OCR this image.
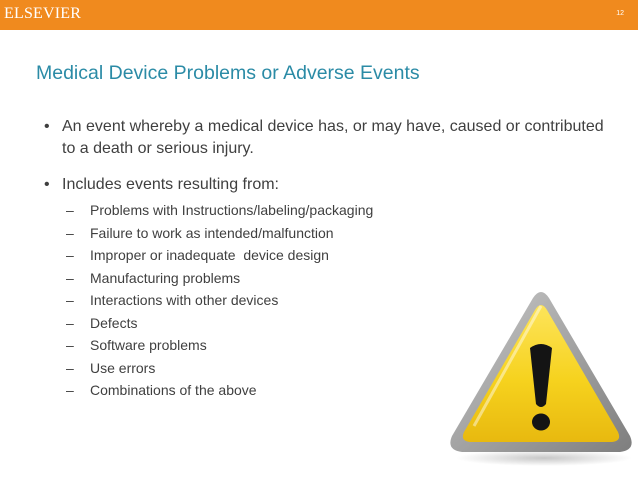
ELSEVIER	12
Medical Device Problems or Adverse Events
• An event whereby a medical device has, or may have, caused or contributed to a death or serious injury.
• Includes events resulting from:
– Problems with Instructions/labeling/packaging
– Failure to work as intended/malfunction
– Improper or inadequate  device design
– Manufacturing problems
– Interactions with other devices
– Defects
– Software problems
– Use errors
– Combinations of the above
